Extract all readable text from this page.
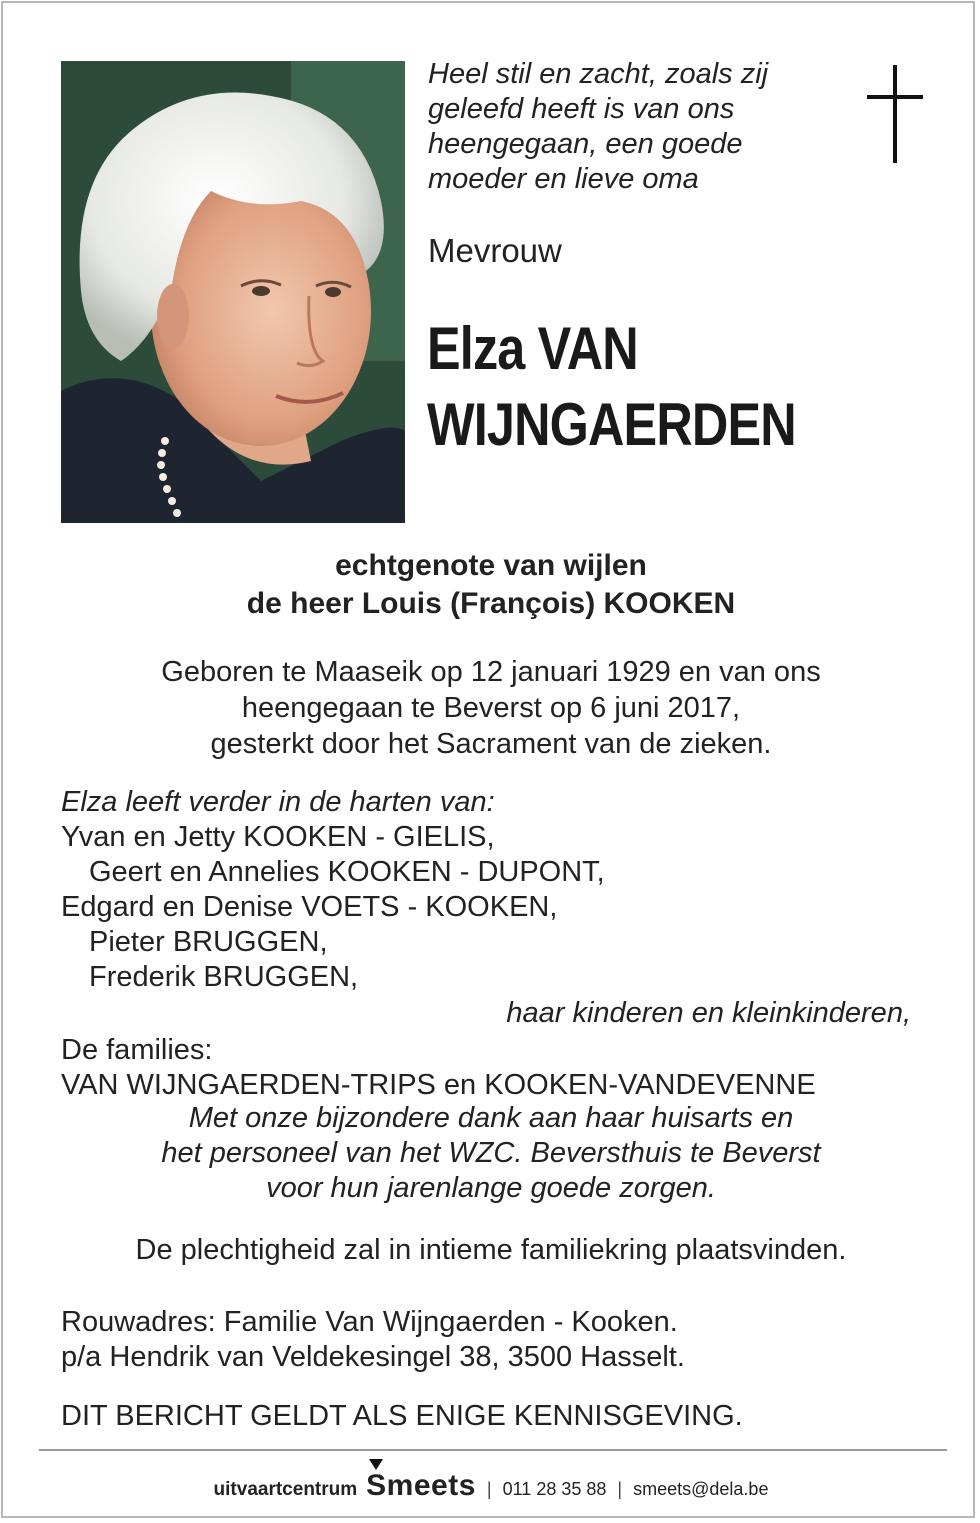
Heel stil en zacht, zoals zij
geleefd heeft is van ons
heengegaan, een goede
moeder en lieve oma
Mevrouw
Elza VAN
WIJNGAERDEN
echtgenote van wijlen
de heer Louis (François) KOOKEN
Geboren te Maaseik op 12 januari 1929 en van ons
heengegaan te Beverst op 6 juni 2017,
gesterkt door het Sacrament van de zieken.
Elza leeft verder in de harten van:
Yvan en Jetty KOOKEN - GIELIS,
Geert en Annelies KOOKEN - DUPONT,
Edgard en Denise VOETS - KOOKEN,
Pieter BRUGGEN,
Frederik BRUGGEN,
haar kinderen en kleinkinderen,
De families:
VAN WIJNGAERDEN-TRIPS en KOOKEN-VANDEVENNE
Met onze bijzondere dank aan haar huisarts en
het personeel van het WZC. Beversthuis te Beverst
voor hun jarenlange goede zorgen.
De plechtigheid zal in intieme familiekring plaatsvinden.
Rouwadres: Familie Van Wijngaerden - Kooken.
p/a Hendrik van Veldekesingel 38, 3500 Hasselt.
DIT BERICHT GELDT ALS ENIGE KENNISGEVING.
uitvaartcentrum Smeets | 011 28 35 88 | smeets@dela.be
